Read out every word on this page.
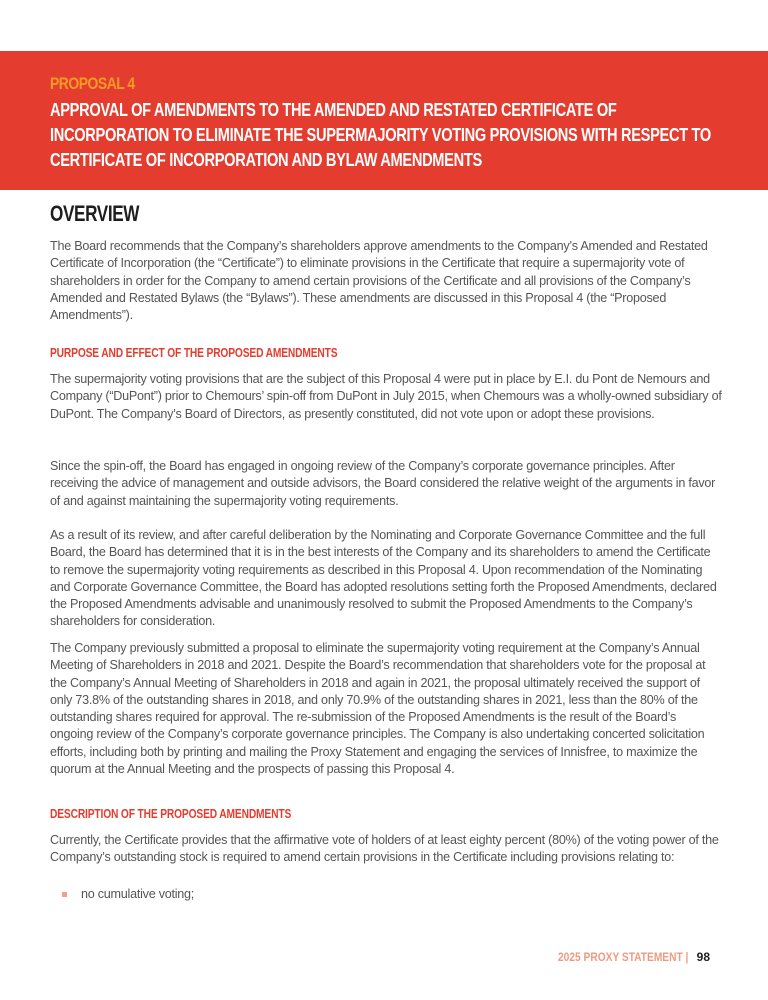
PROPOSAL 4
APPROVAL OF AMENDMENTS TO THE AMENDED AND RESTATED CERTIFICATE OF INCORPORATION TO ELIMINATE THE SUPERMAJORITY VOTING PROVISIONS WITH RESPECT TO CERTIFICATE OF INCORPORATION AND BYLAW AMENDMENTS
OVERVIEW

The Board recommends that the Company’s shareholders approve amendments to the Company’s Amended and Restated Certificate of Incorporation (the “Certificate”) to eliminate provisions in the Certificate that require a supermajority vote of shareholders in order for the Company to amend certain provisions of the Certificate and all provisions of the Company’s Amended and Restated Bylaws (the “Bylaws”). These amendments are discussed in this Proposal 4 (the “Proposed Amendments”).

PURPOSE AND EFFECT OF THE PROPOSED AMENDMENTS

The supermajority voting provisions that are the subject of this Proposal 4 were put in place by E.I. du Pont de Nemours and Company (“DuPont”) prior to Chemours’ spin-off from DuPont in July 2015, when Chemours was a wholly-owned subsidiary of DuPont. The Company’s Board of Directors, as presently constituted, did not vote upon or adopt these provisions.

Since the spin-off, the Board has engaged in ongoing review of the Company’s corporate governance principles. After receiving the advice of management and outside advisors, the Board considered the relative weight of the arguments in favor of and against maintaining the supermajority voting requirements.

As a result of its review, and after careful deliberation by the Nominating and Corporate Governance Committee and the full Board, the Board has determined that it is in the best interests of the Company and its shareholders to amend the Certificate to remove the supermajority voting requirements as described in this Proposal 4. Upon recommendation of the Nominating and Corporate Governance Committee, the Board has adopted resolutions setting forth the Proposed Amendments, declared the Proposed Amendments advisable and unanimously resolved to submit the Proposed Amendments to the Company’s shareholders for consideration.

The Company previously submitted a proposal to eliminate the supermajority voting requirement at the Company’s Annual Meeting of Shareholders in 2018 and 2021. Despite the Board’s recommendation that shareholders vote for the proposal at the Company’s Annual Meeting of Shareholders in 2018 and again in 2021, the proposal ultimately received the support of only 73.8% of the outstanding shares in 2018, and only 70.9% of the outstanding shares in 2021, less than the 80% of the outstanding shares required for approval. The re-submission of the Proposed Amendments is the result of the Board’s ongoing review of the Company’s corporate governance principles. The Company is also undertaking concerted solicitation efforts, including both by printing and mailing the Proxy Statement and engaging the services of Innisfree, to maximize the quorum at the Annual Meeting and the prospects of passing this Proposal 4.

DESCRIPTION OF THE PROPOSED AMENDMENTS

Currently, the Certificate provides that the affirmative vote of holders of at least eighty percent (80%) of the voting power of the Company’s outstanding stock is required to amend certain provisions in the Certificate including provisions relating to:

no cumulative voting;

2025 PROXY STATEMENT | 98
